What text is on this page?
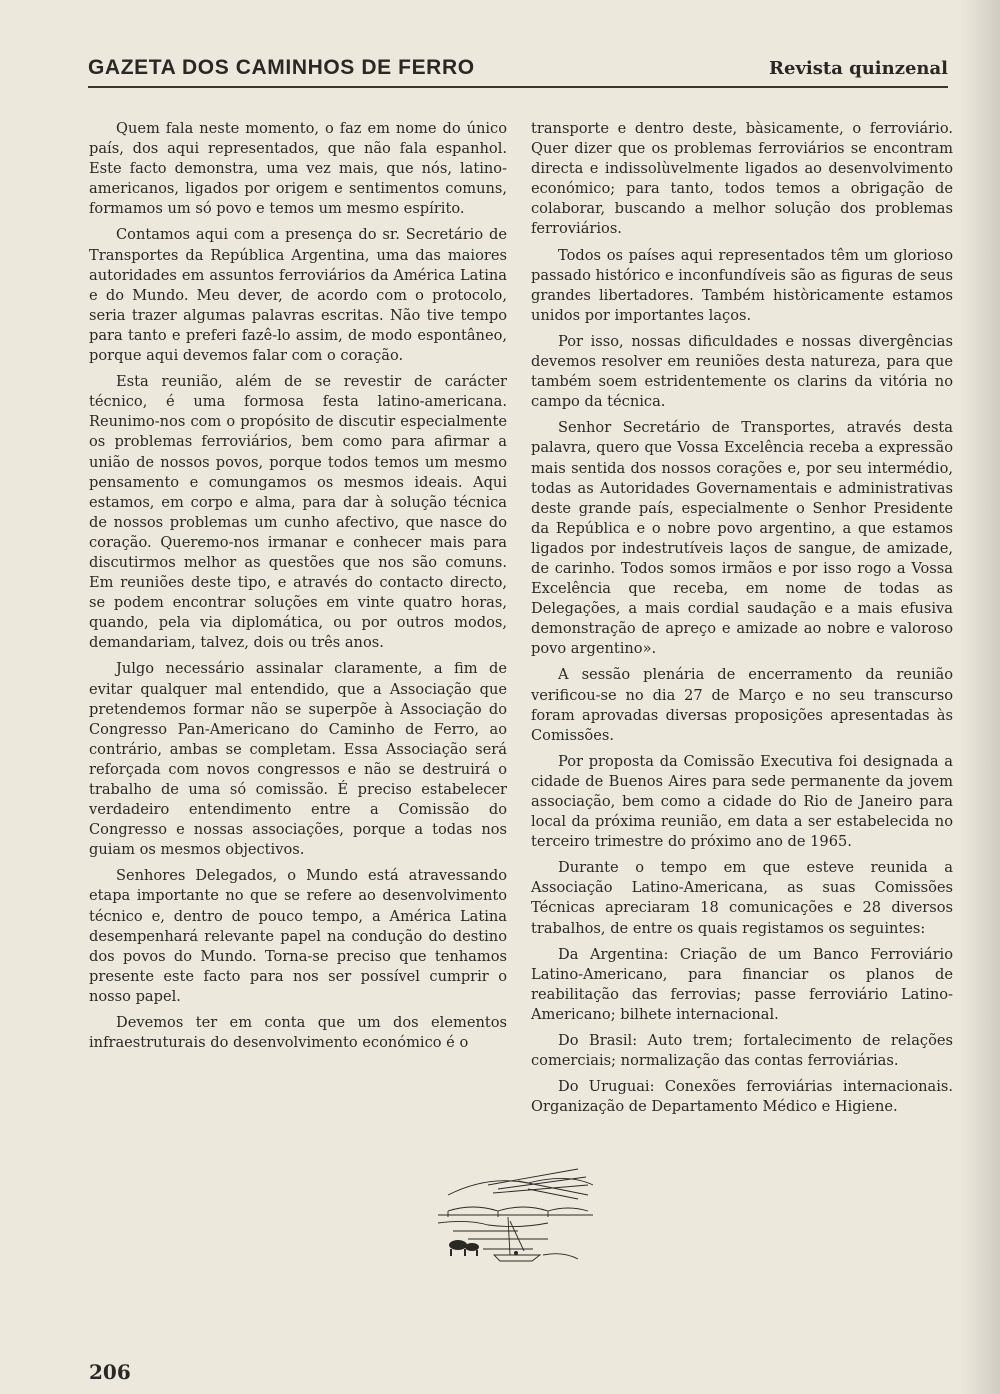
GAZETA DOS CAMINHOS DE FERRO	Revista quinzenal

Quem fala neste momento, o faz em nome do único país, dos aqui representados, que não fala espanhol. Este facto demonstra, uma vez mais, que nós, latino-americanos, ligados por origem e sentimentos comuns, formamos um só povo e temos um mesmo espírito.

Contamos aqui com a presença do sr. Secretário de Transportes da República Argentina, uma das maiores autoridades em assuntos ferroviários da América Latina e do Mundo. Meu dever, de acordo com o protocolo, seria trazer algumas palavras escritas. Não tive tempo para tanto e preferi fazê-lo assim, de modo espontâneo, porque aqui devemos falar com o coração.

Esta reunião, além de se revestir de carácter técnico, é uma formosa festa latino-americana. Reunimo-nos com o propósito de discutir especialmente os problemas ferroviários, bem como para afirmar a união de nossos povos, porque todos temos um mesmo pensamento e comungamos os mesmos ideais. Aqui estamos, em corpo e alma, para dar à solução técnica de nossos problemas um cunho afectivo, que nasce do coração. Queremo-nos irmanar e conhecer mais para discutirmos melhor as questões que nos são comuns. Em reuniões deste tipo, e através do contacto directo, se podem encontrar soluções em vinte quatro horas, quando, pela via diplomática, ou por outros modos, demandariam, talvez, dois ou três anos.

Julgo necessário assinalar claramente, a fim de evitar qualquer mal entendido, que a Associação que pretendemos formar não se superpõe à Associação do Congresso Pan-Americano do Caminho de Ferro, ao contrário, ambas se completam. Essa Associação será reforçada com novos congressos e não se destruirá o trabalho de uma só comissão. É preciso estabelecer verdadeiro entendimento entre a Comissão do Congresso e nossas associações, porque a todas nos guiam os mesmos objectivos.

Senhores Delegados, o Mundo está atravessando etapa importante no que se refere ao desenvolvimento técnico e, dentro de pouco tempo, a América Latina desempenhará relevante papel na condução do destino dos povos do Mundo. Torna-se preciso que tenhamos presente este facto para nos ser possível cumprir o nosso papel.

Devemos ter em conta que um dos elementos infraestruturais do desenvolvimento económico é o

transporte e dentro deste, bàsicamente, o ferroviário. Quer dizer que os problemas ferroviários se encontram directa e indissolùvelmente ligados ao desenvolvimento económico; para tanto, todos temos a obrigação de colaborar, buscando a melhor solução dos problemas ferroviários.

Todos os países aqui representados têm um glorioso passado histórico e inconfundíveis são as figuras de seus grandes libertadores. Também històricamente estamos unidos por importantes laços.

Por isso, nossas dificuldades e nossas divergências devemos resolver em reuniões desta natureza, para que também soem estridentemente os clarins da vitória no campo da técnica.

Senhor Secretário de Transportes, através desta palavra, quero que Vossa Excelência receba a expressão mais sentida dos nossos corações e, por seu intermédio, todas as Autoridades Governamentais e administrativas deste grande país, especialmente o Senhor Presidente da República e o nobre povo argentino, a que estamos ligados por indestrutíveis laços de sangue, de amizade, de carinho. Todos somos irmãos e por isso rogo a Vossa Excelência que receba, em nome de todas as Delegações, a mais cordial saudação e a mais efusiva demonstração de apreço e amizade ao nobre e valoroso povo argentino».

A sessão plenária de encerramento da reunião verificou-se no dia 27 de Março e no seu transcurso foram aprovadas diversas proposições apresentadas às Comissões.

Por proposta da Comissão Executiva foi designada a cidade de Buenos Aires para sede permanente da jovem associação, bem como a cidade do Rio de Janeiro para local da próxima reunião, em data a ser estabelecida no terceiro trimestre do próximo ano de 1965.

Durante o tempo em que esteve reunida a Associação Latino-Americana, as suas Comissões Técnicas apreciaram 18 comunicações e 28 diversos trabalhos, de entre os quais registamos os seguintes:

Da Argentina: Criação de um Banco Ferroviário Latino-Americano, para financiar os planos de reabilitação das ferrovias; passe ferroviário Latino-Americano; bilhete internacional.

Do Brasil: Auto trem; fortalecimento de relações comerciais; normalização das contas ferroviárias.

Do Uruguai: Conexões ferroviárias internacionais. Organização de Departamento Médico e Higiene.

206
